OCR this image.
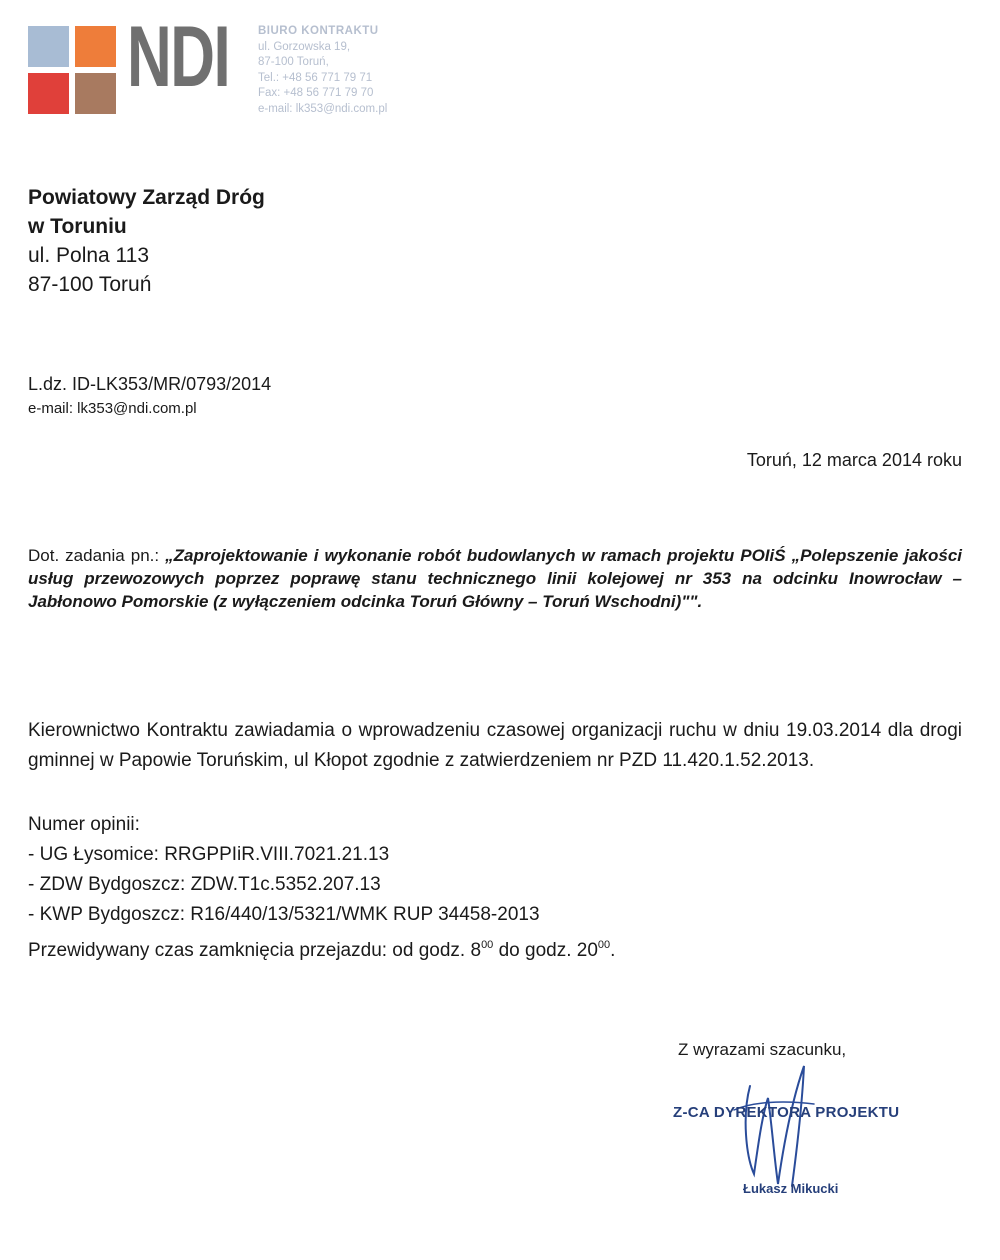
NDI BIURO KONTRAKTU
ul. Gorzowska 19,
87-100 Toruń,
Tel.: +48 56 771 79 71
Fax: +48 56 771 79 70
e-mail: lk353@ndi.com.pl
Powiatowy Zarząd Dróg
w Toruniu
ul. Polna 113
87-100 Toruń
L.dz. ID-LK353/MR/0793/2014
e-mail: lk353@ndi.com.pl
Toruń, 12 marca 2014 roku
Dot. zadania pn.: „Zaprojektowanie i wykonanie robót budowlanych w ramach projektu POIiŚ „Polepszenie jakości usług przewozowych poprzez poprawę stanu technicznego linii kolejowej nr 353 na odcinku Inowrocław – Jabłonowo Pomorskie (z wyłączeniem odcinka Toruń Główny – Toruń Wschodni)"".
Kierownictwo Kontraktu zawiadamia o wprowadzeniu czasowej organizacji ruchu w dniu 19.03.2014 dla drogi gminnej w Papowie Toruńskim, ul Kłopot zgodnie z zatwierdzeniem nr PZD 11.420.1.52.2013.
Numer opinii:
- UG Łysomice: RRGPPIiR.VIII.7021.21.13
- ZDW Bydgoszcz: ZDW.T1c.5352.207.13
- KWP Bydgoszcz: R16/440/13/5321/WMK RUP 34458-2013
Przewidywany czas zamknięcia przejazdu: od godz. $8^{00}$ do godz. $20^{00}$.
Z wyrazami szacunku,
Z-CA DYREKTORA PROJEKTU
Łukasz Mikucki
